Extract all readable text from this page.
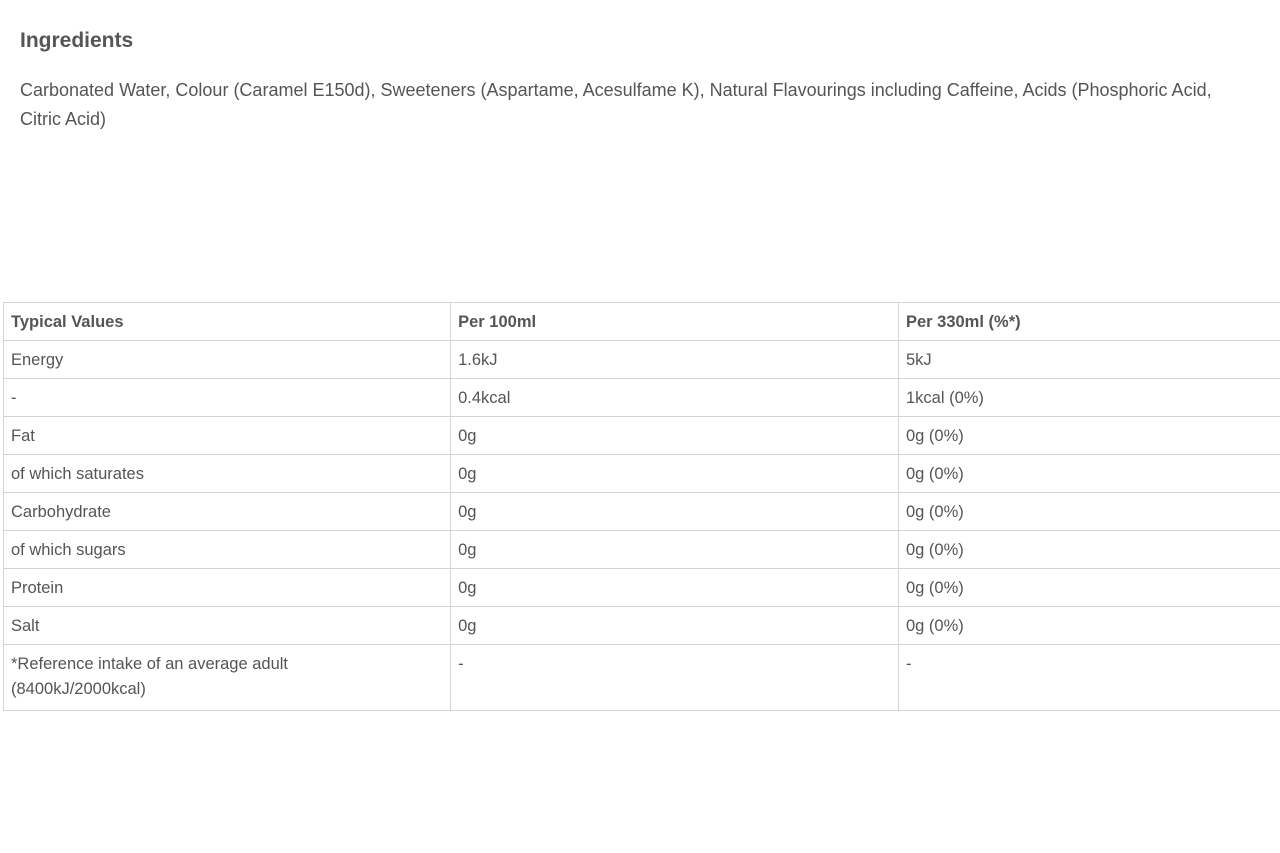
Ingredients

Carbonated Water, Colour (Caramel E150d), Sweeteners (Aspartame, Acesulfame K), Natural Flavourings including Caffeine, Acids (Phosphoric Acid, Citric Acid)

Typical Values	Per 100ml	Per 330ml (%*)
Energy	1.6kJ	5kJ
-	0.4kcal	1kcal (0%)
Fat	0g	0g (0%)
of which saturates	0g	0g (0%)
Carbohydrate	0g	0g (0%)
of which sugars	0g	0g (0%)
Protein	0g	0g (0%)
Salt	0g	0g (0%)
*Reference intake of an average adult
(8400kJ/2000kcal)	-	-
